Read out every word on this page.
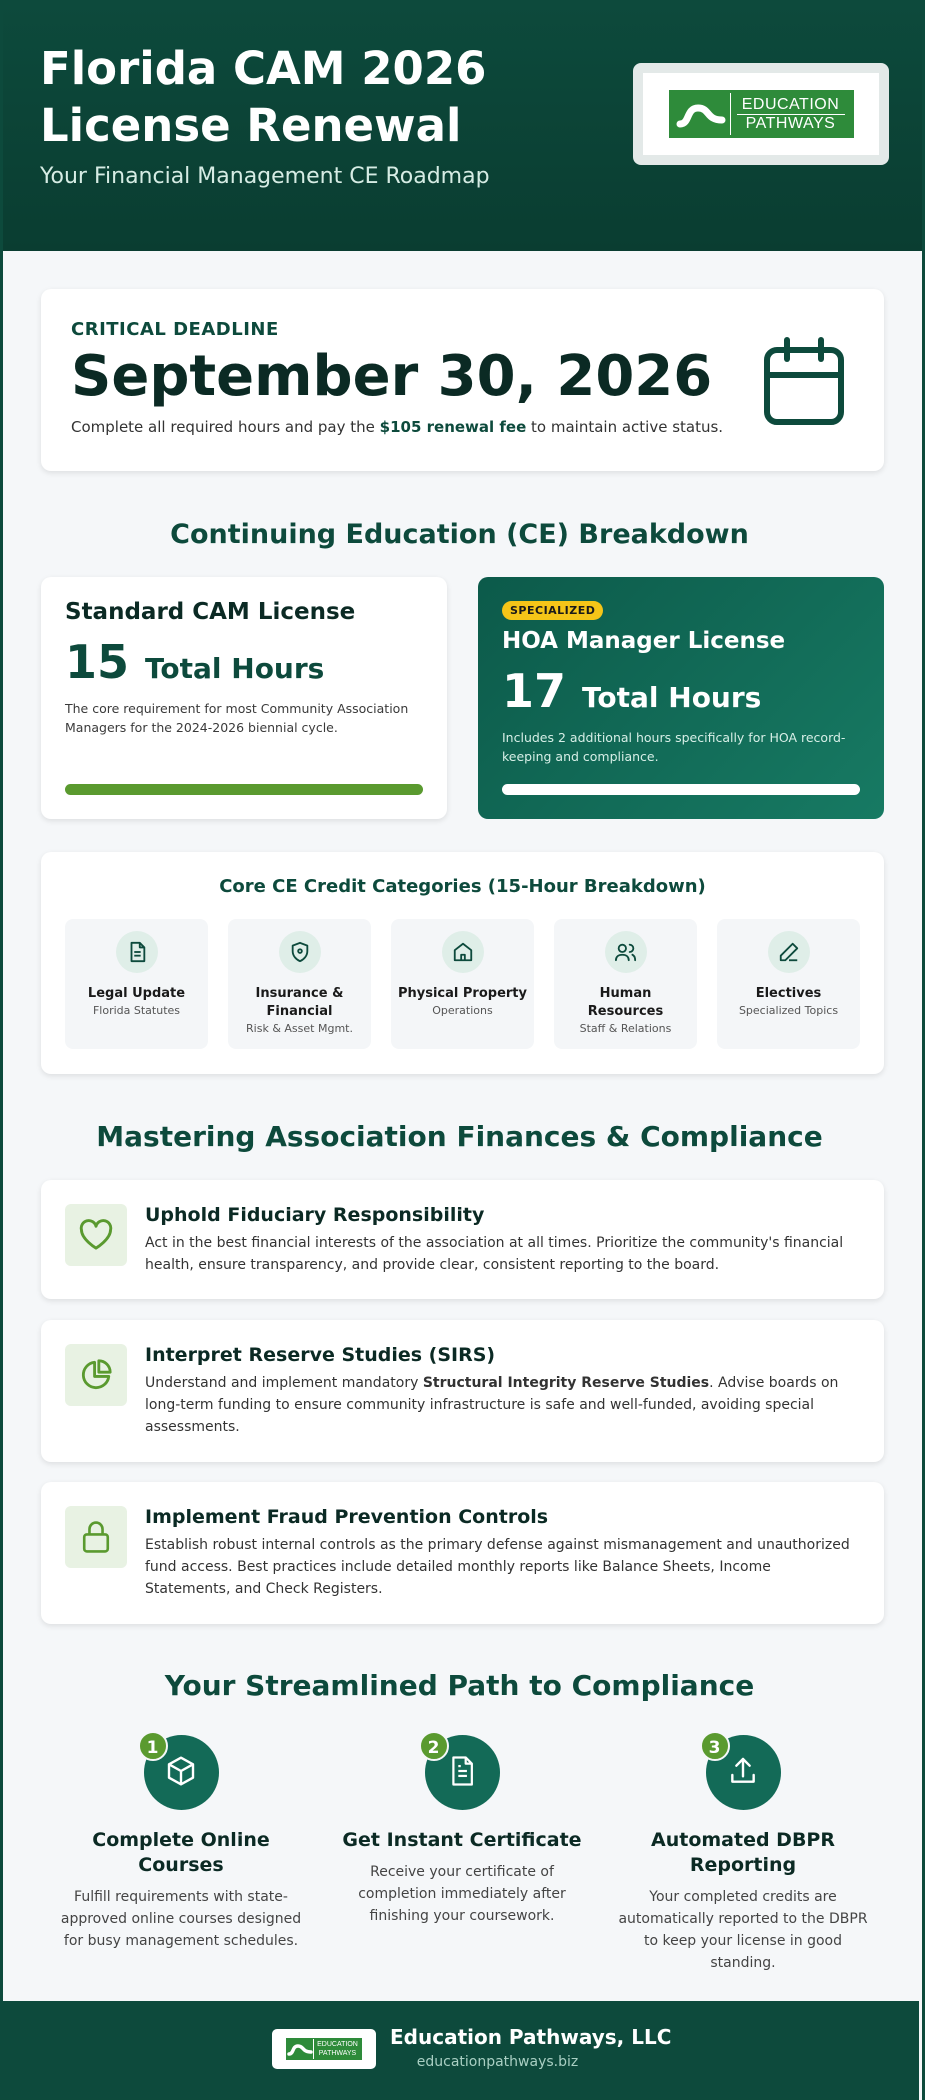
Florida CAM 2026
License Renewal
Your Financial Management CE Roadmap
EDUCATION
PATHWAYS
CRITICAL DEADLINE
September 30, 2026
Complete all required hours and pay the $105 renewal fee to maintain active status.
Continuing Education (CE) Breakdown
Standard CAM License
15 Total Hours
The core requirement for most Community Association Managers for the 2024-2026 biennial cycle.
SPECIALIZED
HOA Manager License
17 Total Hours
Includes 2 additional hours specifically for HOA record-keeping and compliance.
Core CE Credit Categories (15-Hour Breakdown)
Legal Update
Florida Statutes
Insurance & Financial
Risk & Asset Mgmt.
Physical Property
Operations
Human Resources
Staff & Relations
Electives
Specialized Topics
Mastering Association Finances & Compliance
Uphold Fiduciary Responsibility
Act in the best financial interests of the association at all times. Prioritize the community's financial health, ensure transparency, and provide clear, consistent reporting to the board.
Interpret Reserve Studies (SIRS)
Understand and implement mandatory Structural Integrity Reserve Studies. Advise boards on long-term funding to ensure community infrastructure is safe and well-funded, avoiding special assessments.
Implement Fraud Prevention Controls
Establish robust internal controls as the primary defense against mismanagement and unauthorized fund access. Best practices include detailed monthly reports like Balance Sheets, Income Statements, and Check Registers.
Your Streamlined Path to Compliance
1
Complete Online Courses
Fulfill requirements with state-approved online courses designed for busy management schedules.
2
Get Instant Certificate
Receive your certificate of completion immediately after finishing your coursework.
3
Automated DBPR Reporting
Your completed credits are automatically reported to the DBPR to keep your license in good standing.
EDUCATION
PATHWAYS
Education Pathways, LLC
educationpathways.biz
